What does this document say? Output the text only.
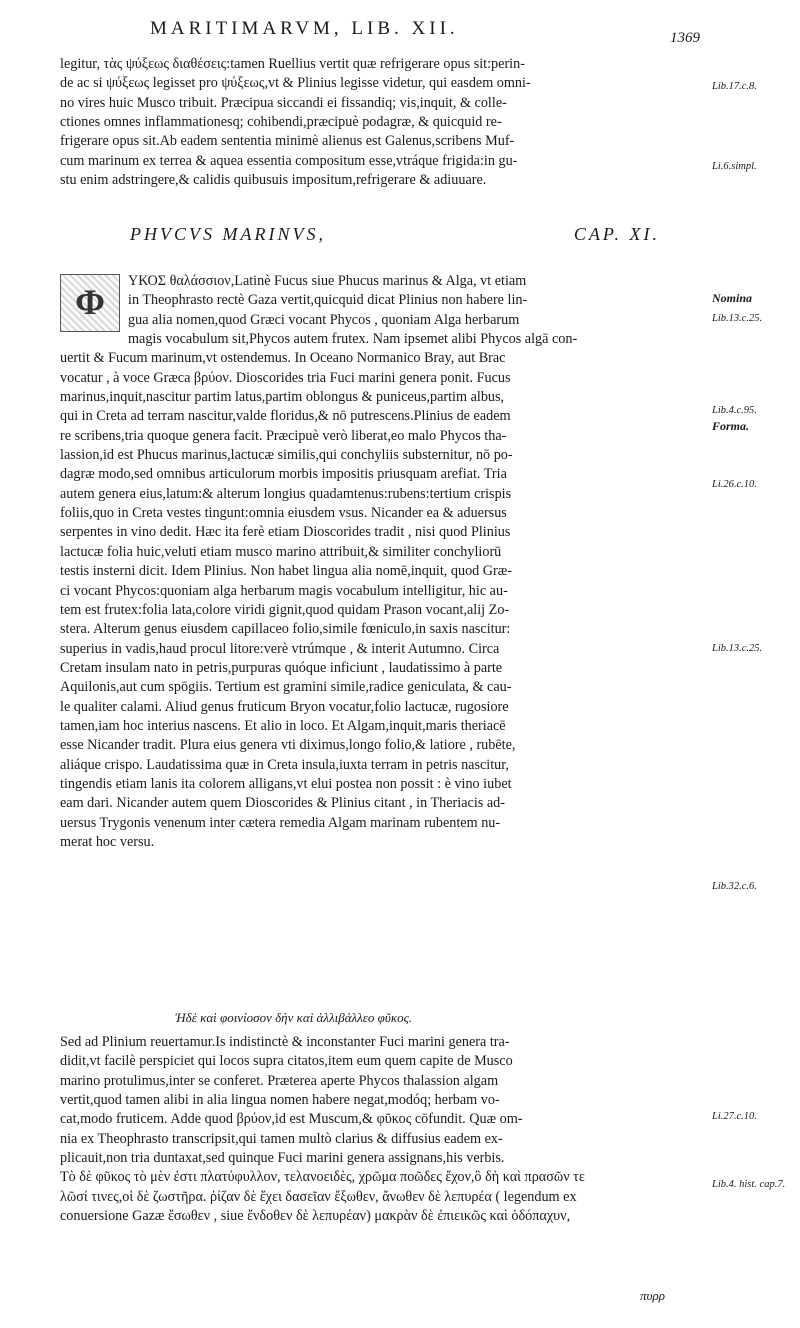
MARITIMARVM, LIB. XII.	1369

legitur, τὰς ψύξεως διαθέσεις:tamen Ruellius vertit quæ refrigerare opus sit:perin-

de ac si ψύξεως legisset pro ψύξεως,vt & Plinius legisse videtur, qui easdem omni-

no vires huic Musco tribuit. Præcipua siccandi ei fissandiq; vis,inquit, & colle-

ctiones omnes inflammationesq; cohibendi,præcipuè podagræ, & quicquid re-

frigerare opus sit.Ab eadem sententia minimè alienus est Galenus,scribens Muf-

cum marinum ex terrea & aquea essentia compositum esse,vtráque frigida:in gu-

stu enim adstringere,& calidis quibusuis impositum,refrigerare & adiuuare.

PHVCVS MARINVS,	CAP. XI.
Φ

ΥΚΟΣ θαλάσσιον,Latinè Fucus siue Phucus marinus & Alga, vt etiam

in Theophrasto rectè Gaza vertit,quicquid dicat Plinius non habere lin-

gua alia nomen,quod Græci vocant Phycos , quoniam Alga herbarum

magis vocabulum sit,Phycos autem frutex. Nam ipsemet alibi Phycos algā con-

uertit & Fucum marinum,vt ostendemus. In Oceano Normanico Bray, aut Brac

vocatur , à voce Græca βρύον. Dioscorides tria Fuci marini genera ponit. Fucus

marinus,inquit,nascitur partim latus,partim oblongus & puniceus,partim albus,

qui in Creta ad terram nascitur,valde floridus,& nō putrescens.Plinius de eadem

re scribens,tria quoque genera facit. Præcipuè verò liberat,eo malo Phycos tha-

lassion,id est Phucus marinus,lactucæ similis,qui conchyliis substernitur, nō po-

dagræ modo,sed omnibus articulorum morbis impositis priusquam arefiat. Tria

autem genera eius,latum:& alterum longius quadamtenus:rubens:tertium crispis

foliis,quo in Creta vestes tingunt:omnia eiusdem vsus. Nicander ea & aduersus

serpentes in vino dedit. Hæc ita ferè etiam Dioscorides tradit , nisi quod Plinius

lactucæ folia huic,veluti etiam musco marino attribuit,& similiter conchyliorū

testis insterni dicit. Idem Plinius. Non habet lingua alia nomē,inquit, quod Græ-

ci vocant Phycos:quoniam alga herbarum magis vocabulum intelligitur, hic au-

tem est frutex:folia lata,colore viridi gignit,quod quidam Prason vocant,alij Zo-

stera. Alterum genus eiusdem capillaceo folio,simile fœniculo,in saxis nascitur:

superius in vadis,haud procul litore:verè vtrúmque , & interit Autumno. Circa

Cretam insulam nato in petris,purpuras quóque inficiunt , laudatissimo à parte

Aquilonis,aut cum spōgiis. Tertium est gramini simile,radice geniculata, & cau-

le qualiter calami. Aliud genus fruticum Bryon vocatur,folio lactucæ, rugosiore

tamen,iam hoc interius nascens. Et alio in loco. Et Algam,inquit,maris theriacē

esse Nicander tradit. Plura eius genera vti diximus,longo folio,& latiore , rubēte,

aliáque crispo. Laudatissima quæ in Creta insula,iuxta terram in petris nascitur,

tingendis etiam lanis ita colorem alligans,vt elui postea non possit : è vino iubet

eam dari. Nicander autem quem Dioscorides & Plinius citant , in Theriacis ad-

uersus Trygonis venenum inter cætera remedia Algam marinam rubentem nu-

merat hoc versu.

Ἠδὲ καὶ φοινίοσον δὴν καὶ ἀλλιβάλλεο φῦκος.

Sed ad Plinium reuertamur.Is indistinctè & inconstanter Fuci marini genera tra-

didit,vt facilè perspiciet qui locos supra citatos,item eum quem capite de Musco

marino protulimus,inter se conferet. Præterea aperte Phycos thalassion algam

vertit,quod tamen alibi in alia lingua nomen habere negat,modóq; herbam vo-

cat,modo fruticem. Adde quod βρύον,id est Muscum,& φῦκος cōfundit. Quæ om-

nia ex Theophrasto transcripsit,qui tamen multò clarius & diffusius eadem ex-

plicauit,non tria duntaxat,sed quinque Fuci marini genera assignans,his verbis.

Τὸ δὲ φῦκος τὸ μὲν ἐστι πλατύφυλλον, τελανοειδὲς, χρῶμα ποῶδες ἔχον,ὃ δὴ καὶ πρασῶν τε

λῶσί τινες,οἱ δὲ ζωστῆρα. ῥίζαν δὲ ἔχει δασεῖαν ἔξωθεν, ἄνωθεν δὲ λεπυρέα ( legendum ex

conuersione Gazæ ἔσωθεν , siue ἔνδοθεν δὲ λεπυρέαν) μακρὰν δὲ ἐπιεικῶς καὶ ὁδόπαχυν,

Lib.17.c.8.
Li.6.simpl.
Nomina
Lib.13.c.25.
Lib.4.c.95.
Forma.
Li.26.c.10.
Lib.13.c.25.
Lib.32.c.6.
Li.27.c.10.
Lib.4. hist. cap.7.
πυρρ
